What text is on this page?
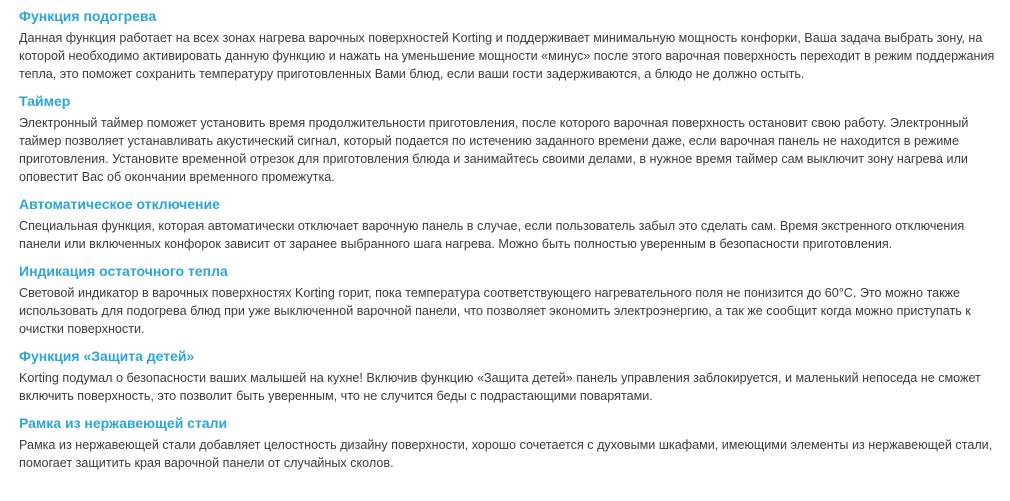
Функция подогрева

Данная функция работает на всех зонах нагрева варочных поверхностей Korting и поддерживает минимальную мощность конфорки, Ваша задача выбрать зону, на которой необходимо активировать данную функцию и нажать на уменьшение мощности «минус» после этого варочная поверхность переходит в режим поддержания тепла, это поможет сохранить температуру приготовленных Вами блюд, если ваши гости задерживаются, а блюдо не должно остыть.

Таймер

Электронный таймер поможет установить время продолжительности приготовления, после которого варочная поверхность остановит свою работу. Электронный таймер позволяет устанавливать акустический сигнал, который подается по истечению заданного времени даже, если варочная панель не находится в режиме приготовления. Установите временной отрезок для приготовления блюда и занимайтесь своими делами, в нужное время таймер сам выключит зону нагрева или оповестит Вас об окончании временного промежутка.

Автоматическое отключение

Специальная функция, которая автоматически отключает варочную панель в случае, если пользователь забыл это сделать сам. Время экстренного отключения панели или включенных конфорок зависит от заранее выбранного шага нагрева. Можно быть полностью уверенным в безопасности приготовления.

Индикация остаточного тепла

Световой индикатор в варочных поверхностях Korting горит, пока температура соответствующего нагревательного поля не понизится до 60°С. Это можно также использовать для подогрева блюд при уже выключенной варочной панели, что позволяет экономить электроэнергию, а так же сообщит когда можно приступать к очистки поверхности.

Функция «Защита детей»

Korting подумал о безопасности ваших малышей на кухне! Включив функцию «Защита детей» панель управления заблокируется, и маленький непоседа не сможет включить поверхность, это позволит быть уверенным, что не случится беды с подрастающими поварятами.

Рамка из нержавеющей стали

Рамка из нержавеющей стали добавляет целостность дизайну поверхности, хорошо сочетается с духовыми шкафами, имеющими элементы из нержавеющей стали, помогает защитить края варочной панели от случайных сколов.
